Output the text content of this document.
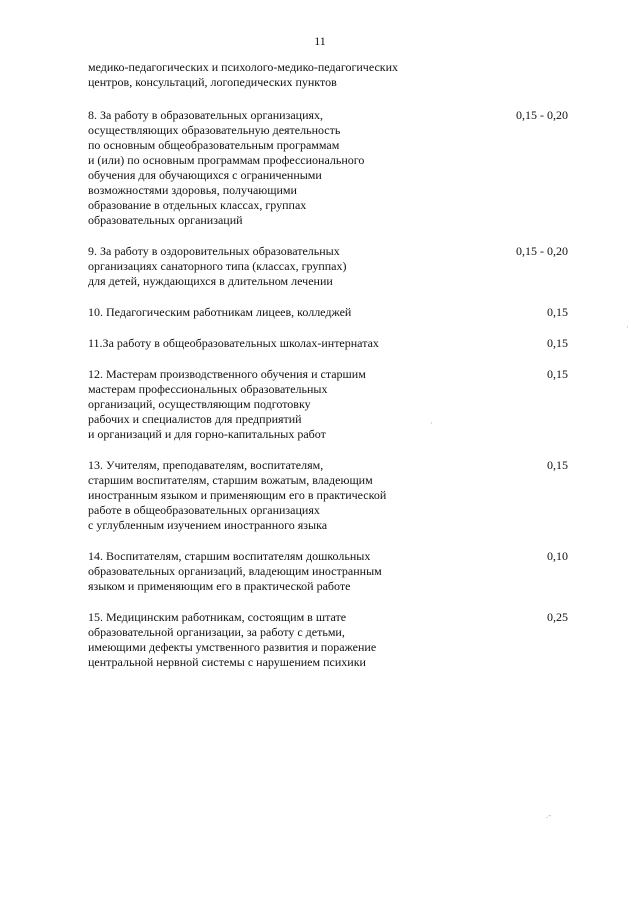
11
медико-педагогических и психолого-медико-педагогических
центров, консультаций, логопедических пунктов
8. За работу в образовательных организациях,
осуществляющих образовательную деятельность
по основным общеобразовательным программам
и (или) по основным программам профессионального
обучения для обучающихся с ограниченными
возможностями здоровья, получающими
образование в отдельных классах, группах
образовательных организаций
0,15 - 0,20
9. За работу в оздоровительных образовательных
организациях санаторного типа (классах, группах)
для детей, нуждающихся в длительном лечении
0,15 - 0,20
10. Педагогическим работникам лицеев, колледжей	0,15
11.За работу в общеобразовательных школах-интернатах	0,15
12. Мастерам производственного обучения и старшим
мастерам профессиональных образовательных
организаций, осуществляющим подготовку
рабочих и специалистов для предприятий
и организаций и для горно-капитальных работ
0,15
13. Учителям, преподавателям, воспитателям,
старшим воспитателям, старшим вожатым, владеющим
иностранным языком и применяющим его в практической
работе в общеобразовательных организациях
с углубленным изучением иностранного языка
0,15
14. Воспитателям, старшим воспитателям дошкольных
образовательных организаций, владеющим иностранным
языком и применяющим его в практической работе
0,10
15. Медицинским работникам, состоящим в штате
образовательной организации, за работу с детьми,
имеющими дефекты умственного развития и поражение
центральной нервной системы с нарушением психики
0,25
·
·
.-
